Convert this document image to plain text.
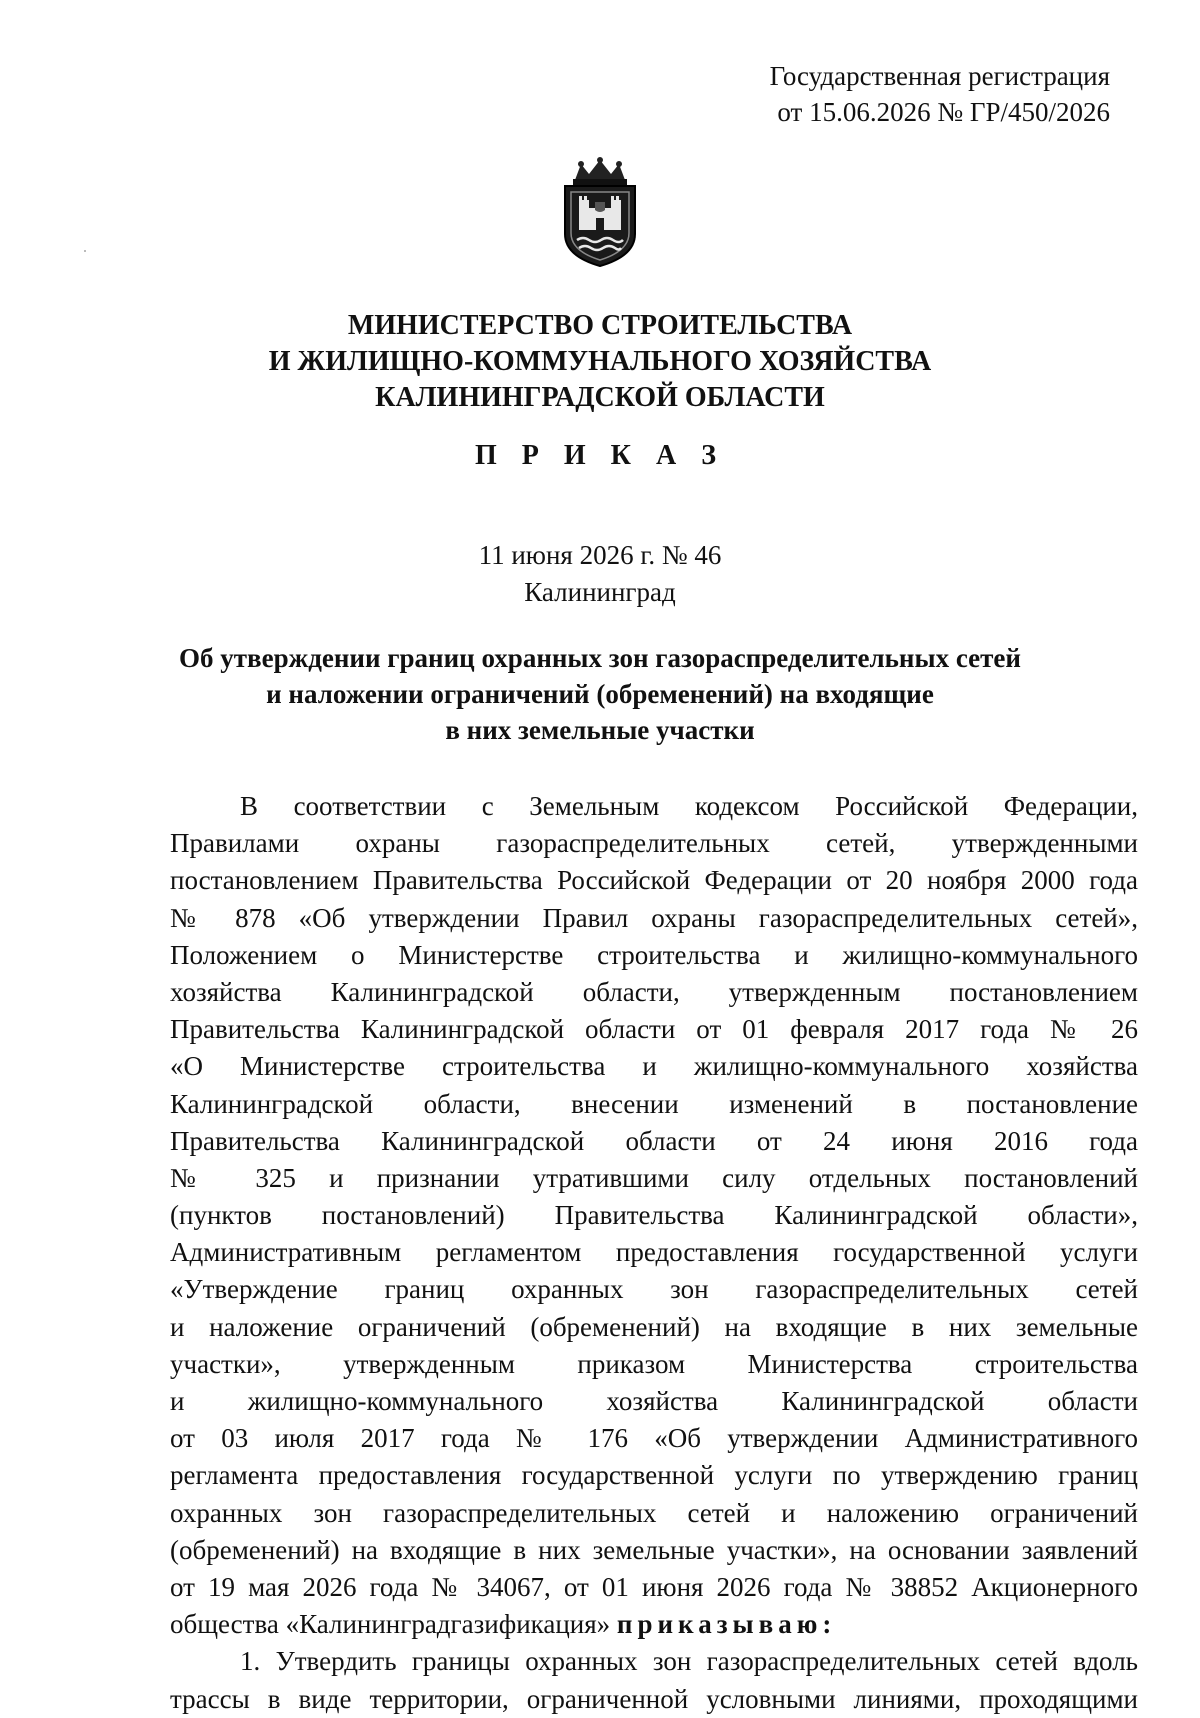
Государственная регистрация
от 15.06.2026 № ГР/450/2026
МИНИСТЕРСТВО СТРОИТЕЛЬСТВА
И ЖИЛИЩНО-КОММУНАЛЬНОГО ХОЗЯЙСТВА
КАЛИНИНГРАДСКОЙ ОБЛАСТИ
П Р И К А З
11 июня 2026 г. № 46
Калининград
Об утверждении границ охранных зон газораспределительных сетей
и наложении ограничений (обременений) на входящие
в них земельные участки
В соответствии с Земельным кодексом Российской Федерации,
Правилами охраны газораспределительных сетей, утвержденными
постановлением Правительства Российской Федерации от 20 ноября 2000 года
№ 878 «Об утверждении Правил охраны газораспределительных сетей»,
Положением о Министерстве строительства и жилищно-коммунального
хозяйства Калининградской области, утвержденным постановлением
Правительства Калининградской области от 01 февраля 2017 года № 26
«О Министерстве строительства и жилищно-коммунального хозяйства
Калининградской области, внесении изменений в постановление
Правительства Калининградской области от 24 июня 2016 года
№ 325 и признании утратившими силу отдельных постановлений
(пунктов постановлений) Правительства Калининградской области»,
Административным регламентом предоставления государственной услуги
«Утверждение границ охранных зон газораспределительных сетей
и наложение ограничений (обременений) на входящие в них земельные
участки», утвержденным приказом Министерства строительства
и жилищно-коммунального хозяйства Калининградской области
от 03 июля 2017 года № 176 «Об утверждении Административного
регламента предоставления государственной услуги по утверждению границ
охранных зон газораспределительных сетей и наложению ограничений
(обременений) на входящие в них земельные участки», на основании заявлений
от 19 мая 2026 года № 34067, от 01 июня 2026 года № 38852 Акционерного
общества «Калининградгазификация» приказываю:
1. Утвердить границы охранных зон газораспределительных сетей вдоль
трассы в виде территории, ограниченной условными линиями, проходящими
